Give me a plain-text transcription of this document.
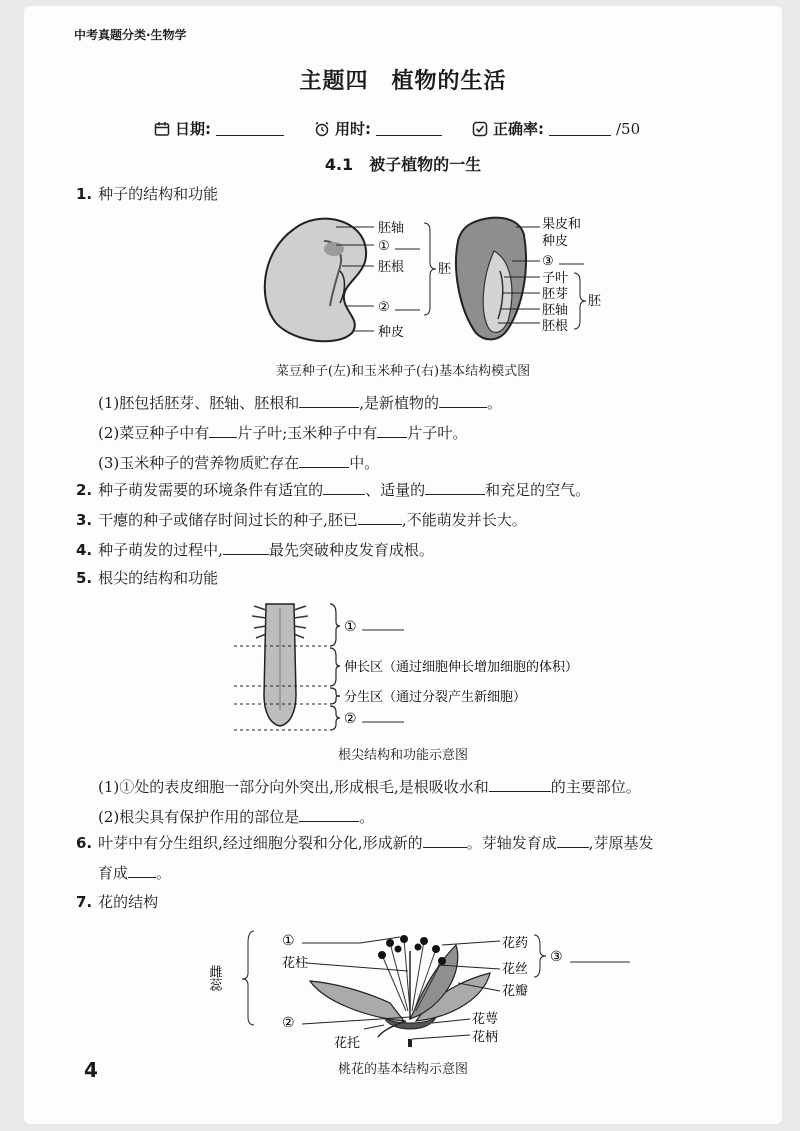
中考真题分类·生物学
主题四　植物的生活
日期:	用时:	正确率:	/50
4.1　被子植物的一生
1. 种子的结构和功能
胚轴
①
胚根
②
种皮
胚
果皮和
种皮
③
子叶
胚芽
胚轴
胚根
胚
菜豆种子(左)和玉米种子(右)基本结构模式图
(1)胚包括胚芽、胚轴、胚根和	,是新植物的	。
(2)菜豆种子中有 片子叶;玉米种子中有 片子叶。
(3)玉米种子的营养物质贮存在	中。
2. 种子萌发需要的环境条件有适宜的	、适量的	和充足的空气。
3. 干瘪的种子或储存时间过长的种子,胚已	,不能萌发并长大。
4. 种子萌发的过程中,	最先突破种皮发育成根。
5. 根尖的结构和功能
①
伸长区（通过细胞伸长增加细胞的体积）
分生区（通过分裂产生新细胞）
②
根尖结构和功能示意图
(1)①处的表皮细胞一部分向外突出,形成根毛,是根吸收水和	的主要部位。
(2)根尖具有保护作用的部位是	。
6. 叶芽中有分生组织,经过细胞分裂和分化,形成新的	。芽轴发育成 ,芽原基发
育成 。
7. 花的结构
①
花柱
②
花托
雌蕊
花药
花丝
花瓣
花萼
花柄
③
桃花的基本结构示意图
4
